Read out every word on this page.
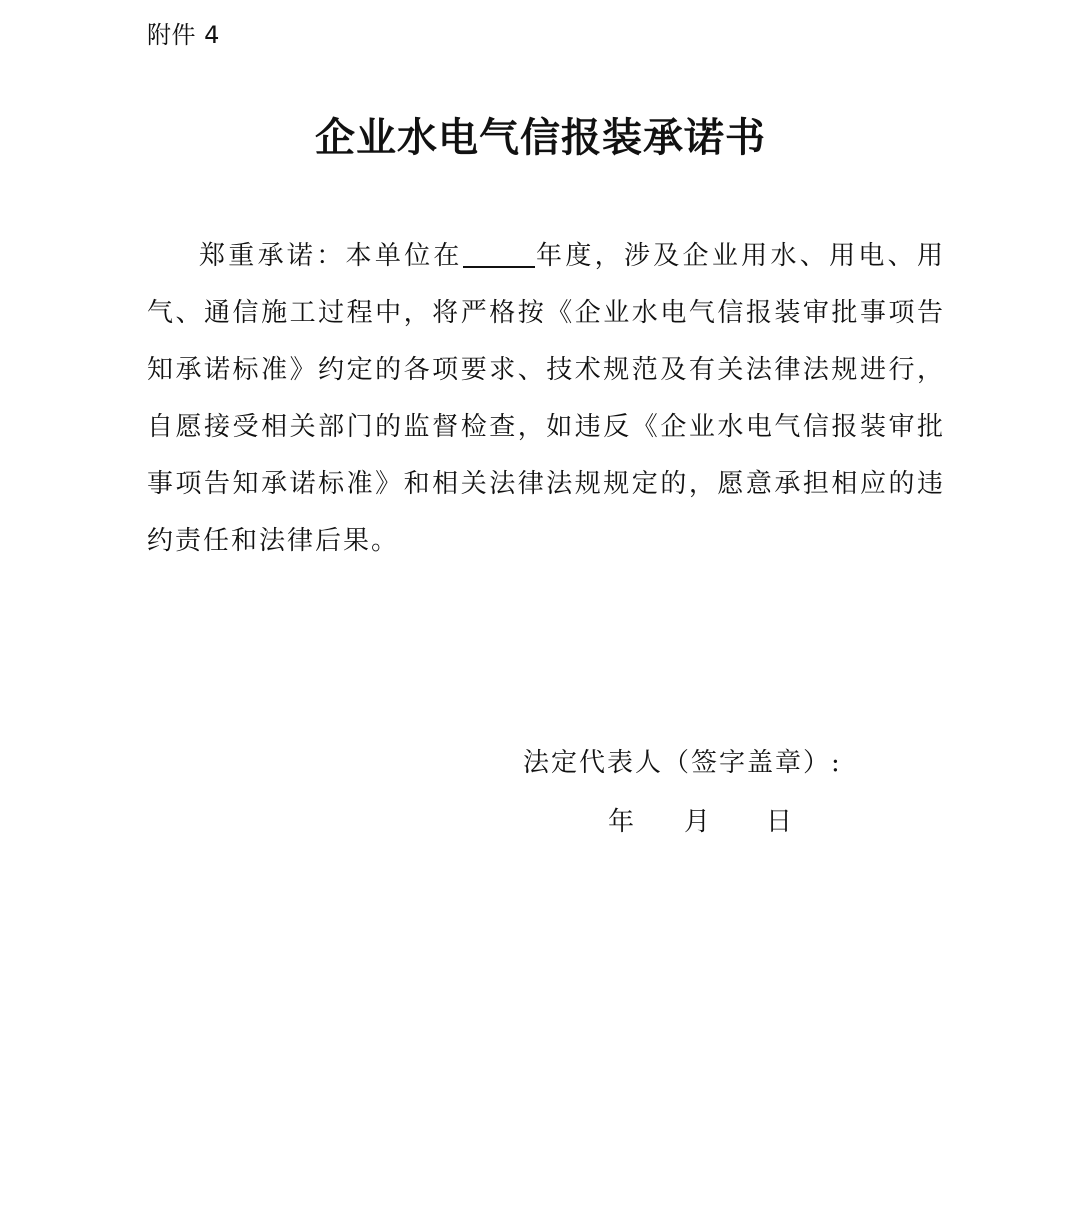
附件 4
企业水电气信报装承诺书

郑重承诺：本单位在	年度，涉及企业用水、用电、用气、通信施工过程中，将严格按《企业水电气信报装审批事项告知承诺标准》约定的各项要求、技术规范及有关法律法规进行，自愿接受相关部门的监督检查，如违反《企业水电气信报装审批事项告知承诺标准》和相关法律法规规定的，愿意承担相应的违约责任和法律后果。

法定代表人（签字盖章）:
年 月 日
